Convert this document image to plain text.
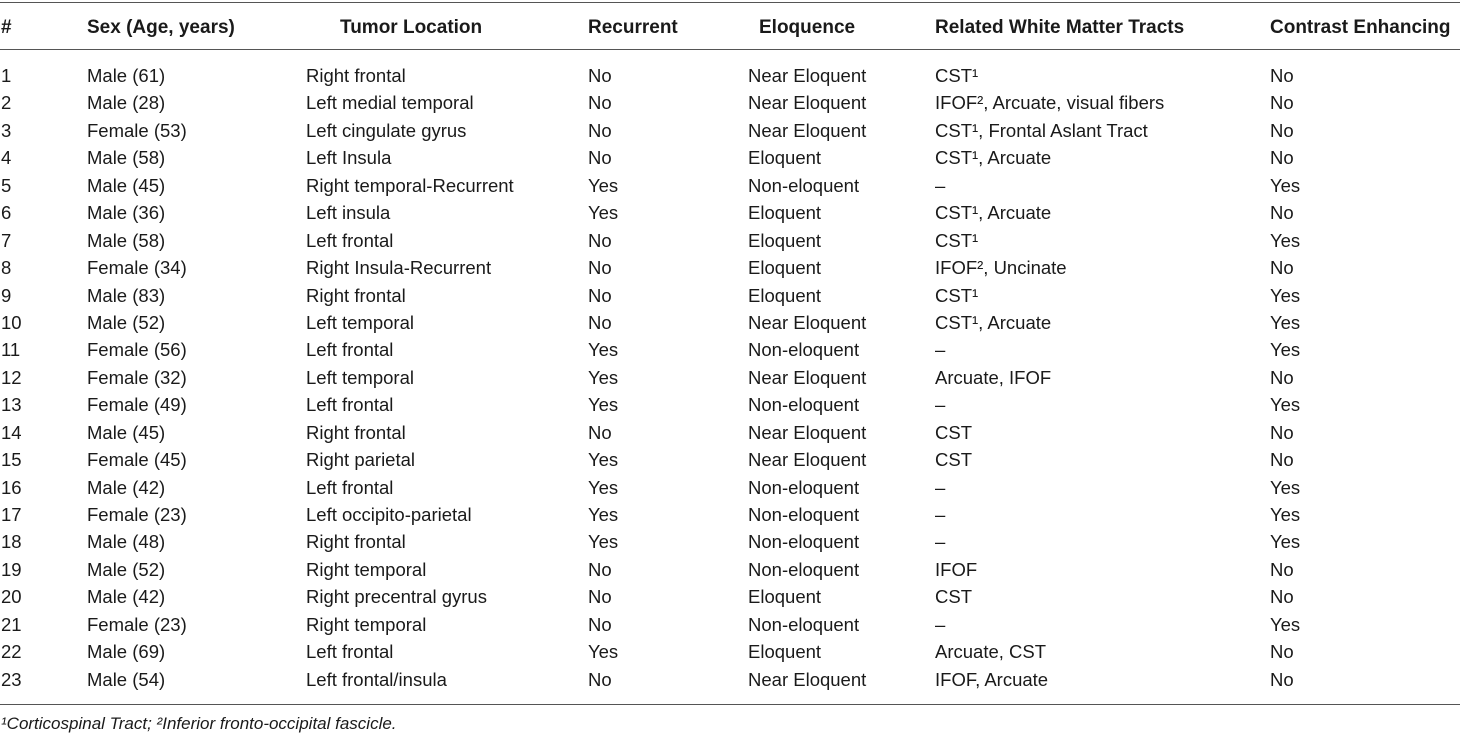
#	Sex (Age, years)	Tumor Location	Recurrent	Eloquence	Related White Matter Tracts	Contrast Enhancing
1	Male (61)	Right frontal	No	Near Eloquent	CST¹	No
2	Male (28)	Left medial temporal	No	Near Eloquent	IFOF², Arcuate, visual fibers	No
3	Female (53)	Left cingulate gyrus	No	Near Eloquent	CST¹, Frontal Aslant Tract	No
4	Male (58)	Left Insula	No	Eloquent	CST¹, Arcuate	No
5	Male (45)	Right temporal-Recurrent	Yes	Non-eloquent	–	Yes
6	Male (36)	Left insula	Yes	Eloquent	CST¹, Arcuate	No
7	Male (58)	Left frontal	No	Eloquent	CST¹	Yes
8	Female (34)	Right Insula-Recurrent	No	Eloquent	IFOF², Uncinate	No
9	Male (83)	Right frontal	No	Eloquent	CST¹	Yes
10	Male (52)	Left temporal	No	Near Eloquent	CST¹, Arcuate	Yes
11	Female (56)	Left frontal	Yes	Non-eloquent	–	Yes
12	Female (32)	Left temporal	Yes	Near Eloquent	Arcuate, IFOF	No
13	Female (49)	Left frontal	Yes	Non-eloquent	–	Yes
14	Male (45)	Right frontal	No	Near Eloquent	CST	No
15	Female (45)	Right parietal	Yes	Near Eloquent	CST	No
16	Male (42)	Left frontal	Yes	Non-eloquent	–	Yes
17	Female (23)	Left occipito-parietal	Yes	Non-eloquent	–	Yes
18	Male (48)	Right frontal	Yes	Non-eloquent	–	Yes
19	Male (52)	Right temporal	No	Non-eloquent	IFOF	No
20	Male (42)	Right precentral gyrus	No	Eloquent	CST	No
21	Female (23)	Right temporal	No	Non-eloquent	–	Yes
22	Male (69)	Left frontal	Yes	Eloquent	Arcuate, CST	No
23	Male (54)	Left frontal/insula	No	Near Eloquent	IFOF, Arcuate	No
¹Corticospinal Tract; ²Inferior fronto-occipital fascicle.
